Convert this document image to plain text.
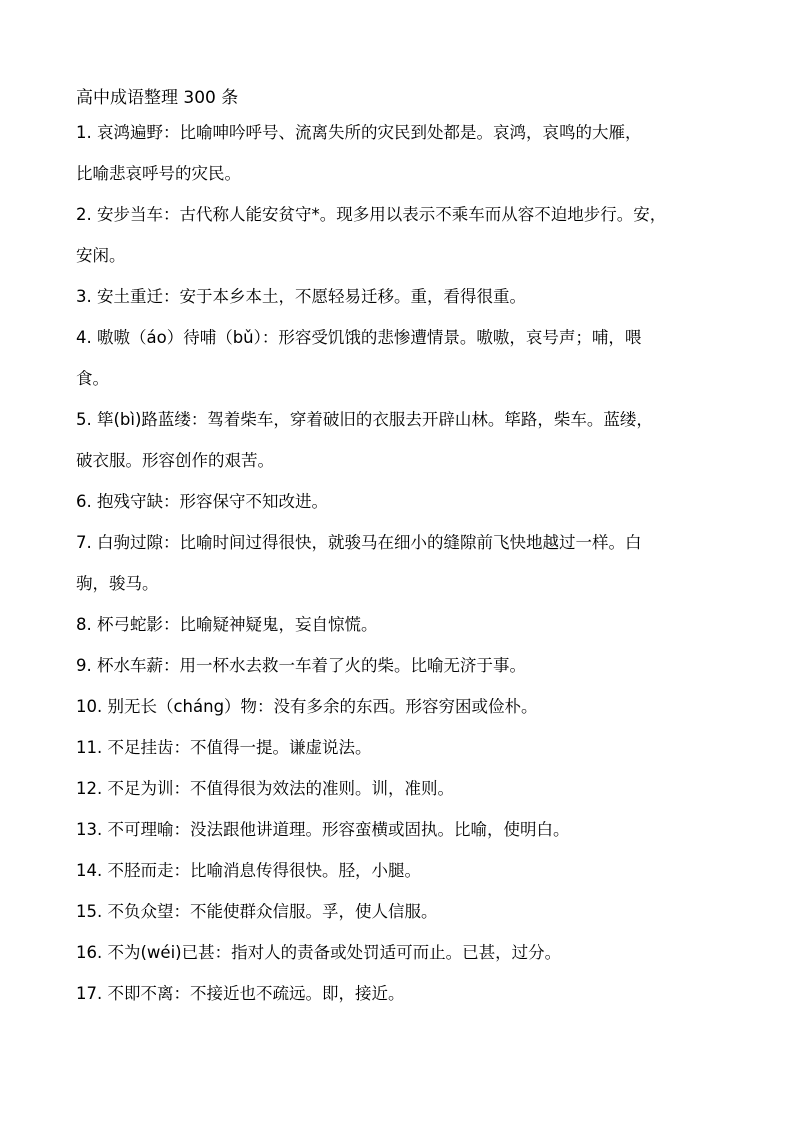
高中成语整理 300 条
1. 哀鸿遍野：比喻呻吟呼号、流离失所的灾民到处都是。哀鸿，哀鸣的大雁，
比喻悲哀呼号的灾民。
2. 安步当车：古代称人能安贫守*。现多用以表示不乘车而从容不迫地步行。安，
安闲。
3. 安土重迁：安于本乡本土，不愿轻易迁移。重，看得很重。
4. 嗷嗷（áo）待哺（bǔ）：形容受饥饿的悲惨遭情景。嗷嗷，哀号声；哺，喂
食。
5. 筚(bì)路蓝缕：驾着柴车，穿着破旧的衣服去开辟山林。筚路，柴车。蓝缕，
破衣服。形容创作的艰苦。
6. 抱残守缺：形容保守不知改进。
7. 白驹过隙：比喻时间过得很快，就骏马在细小的缝隙前飞快地越过一样。白
驹，骏马。
8. 杯弓蛇影：比喻疑神疑鬼，妄自惊慌。
9. 杯水车薪：用一杯水去救一车着了火的柴。比喻无济于事。
10. 别无长（cháng）物：没有多余的东西。形容穷困或俭朴。
11. 不足挂齿：不值得一提。谦虚说法。
12. 不足为训：不值得很为效法的准则。训，准则。
13. 不可理喻：没法跟他讲道理。形容蛮横或固执。比喻，使明白。
14. 不胫而走：比喻消息传得很快。胫，小腿。
15. 不负众望：不能使群众信服。孚，使人信服。
16. 不为(wéi)已甚：指对人的责备或处罚适可而止。已甚，过分。
17. 不即不离：不接近也不疏远。即，接近。
